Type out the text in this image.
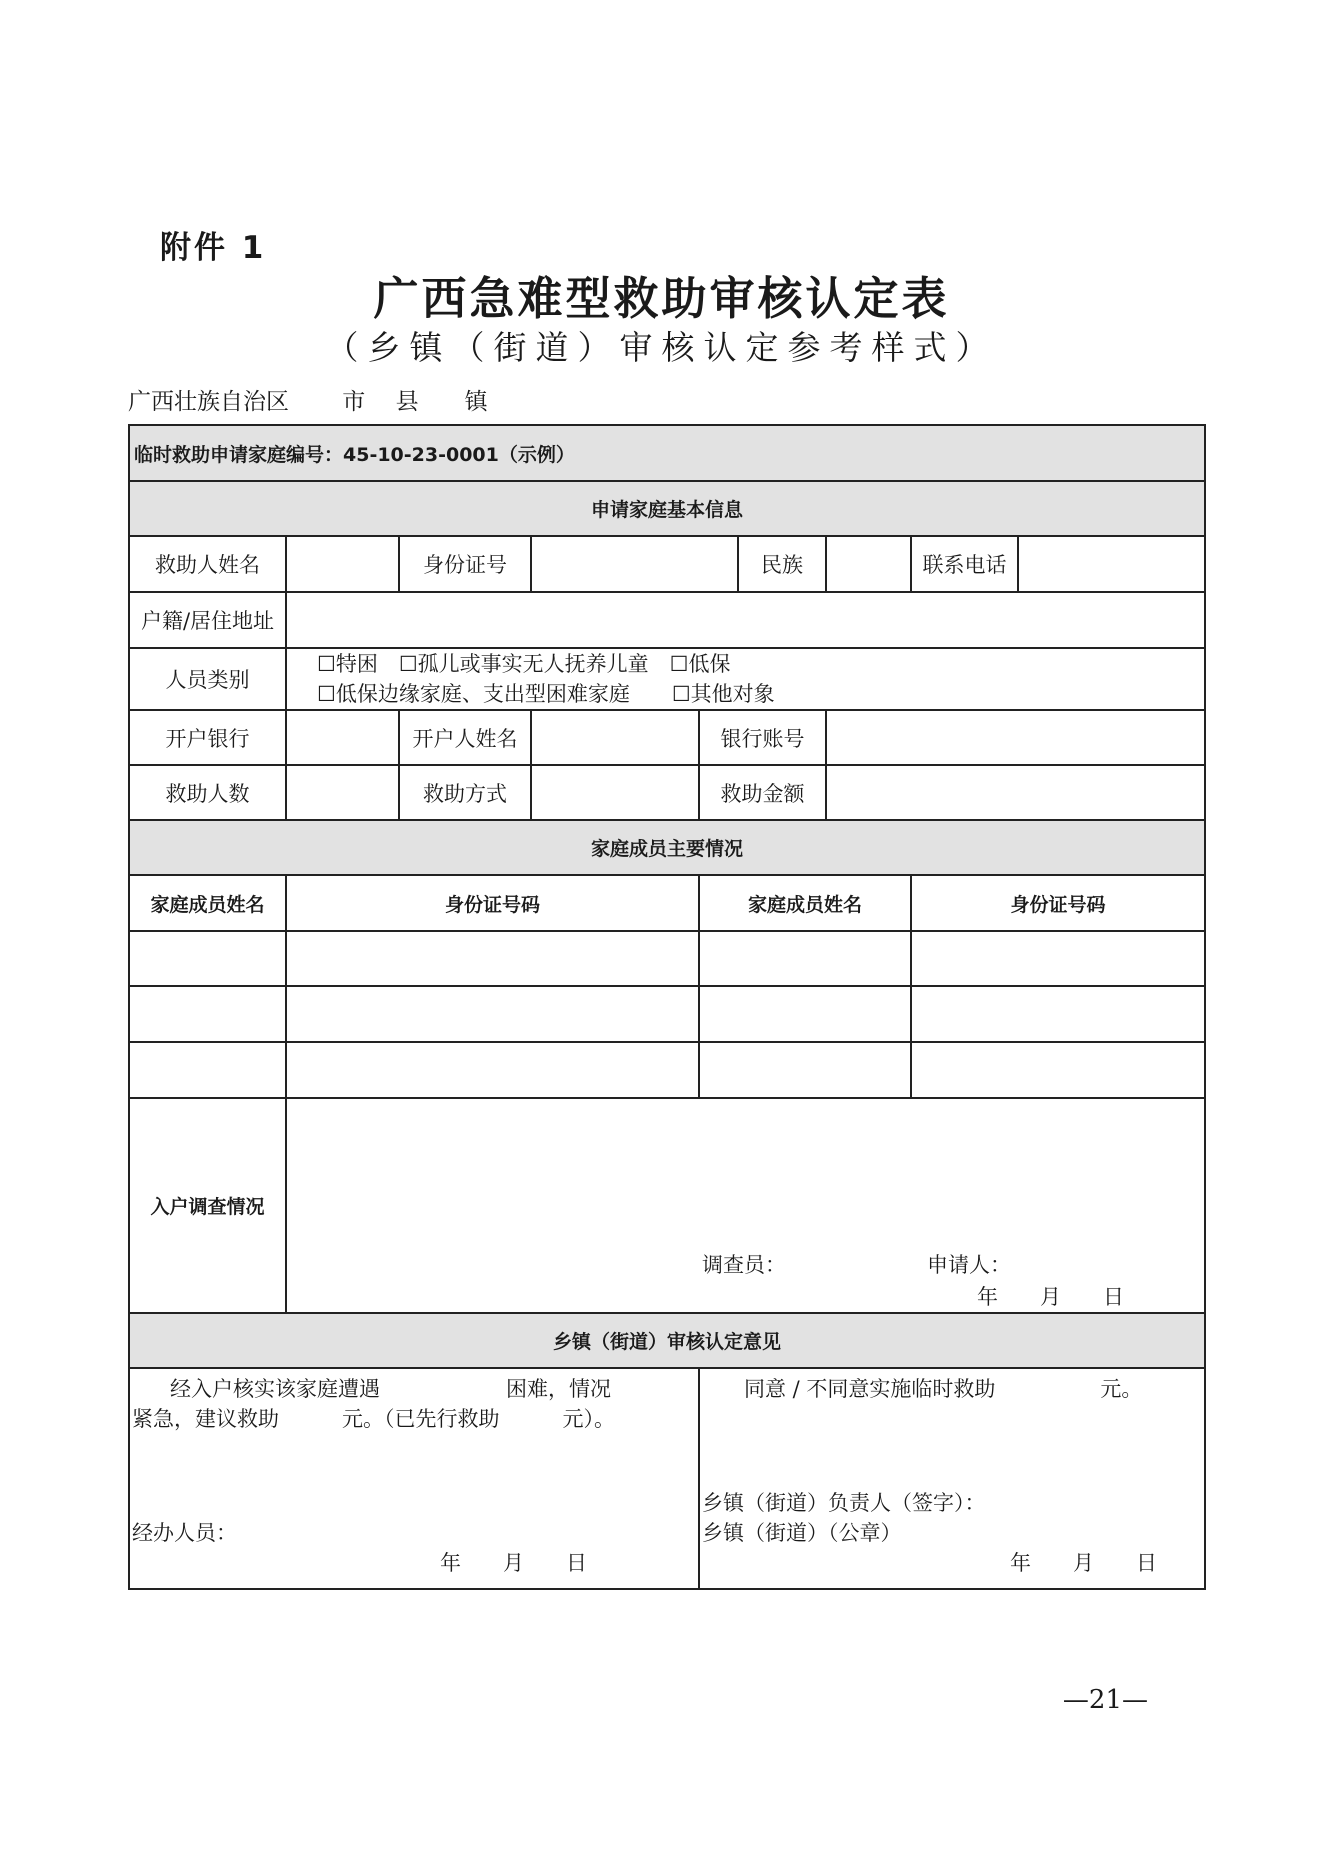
附件 1
广西急难型救助审核认定表
（乡镇（街道）审核认定参考样式）
广西壮族自治区　　 市　 县　　镇
临时救助申请家庭编号：45-10-23-0001（示例）
申请家庭基本信息
救助人姓名		身份证号		民族			联系电话	

户籍/居住地址	
人员类别	
☐特困　☐孤儿或事实无人抚养儿童　☐低保
☐低保边缘家庭、支出型困难家庭　　☐其他对象

开户银行		开户人姓名		银行账号	
救助人数		救助方式		救助金额	
家庭成员主要情况
家庭成员姓名	身份证号码	家庭成员姓名	身份证号码

入户调查情况	
调查员：	申请人：
年　　月　　日

乡镇（街道）审核认定意见

经入户核实该家庭遭遇　　　　　　困难，情况
紧急，建议救助　　　元。（已先行救助　　　元）。
经办人员：
年　　月　　日

同意 / 不同意实施临时救助　　　　　元。
乡镇（街道）负责人（签字）：
乡镇（街道）（公章）
年　　月　　日
—21—
